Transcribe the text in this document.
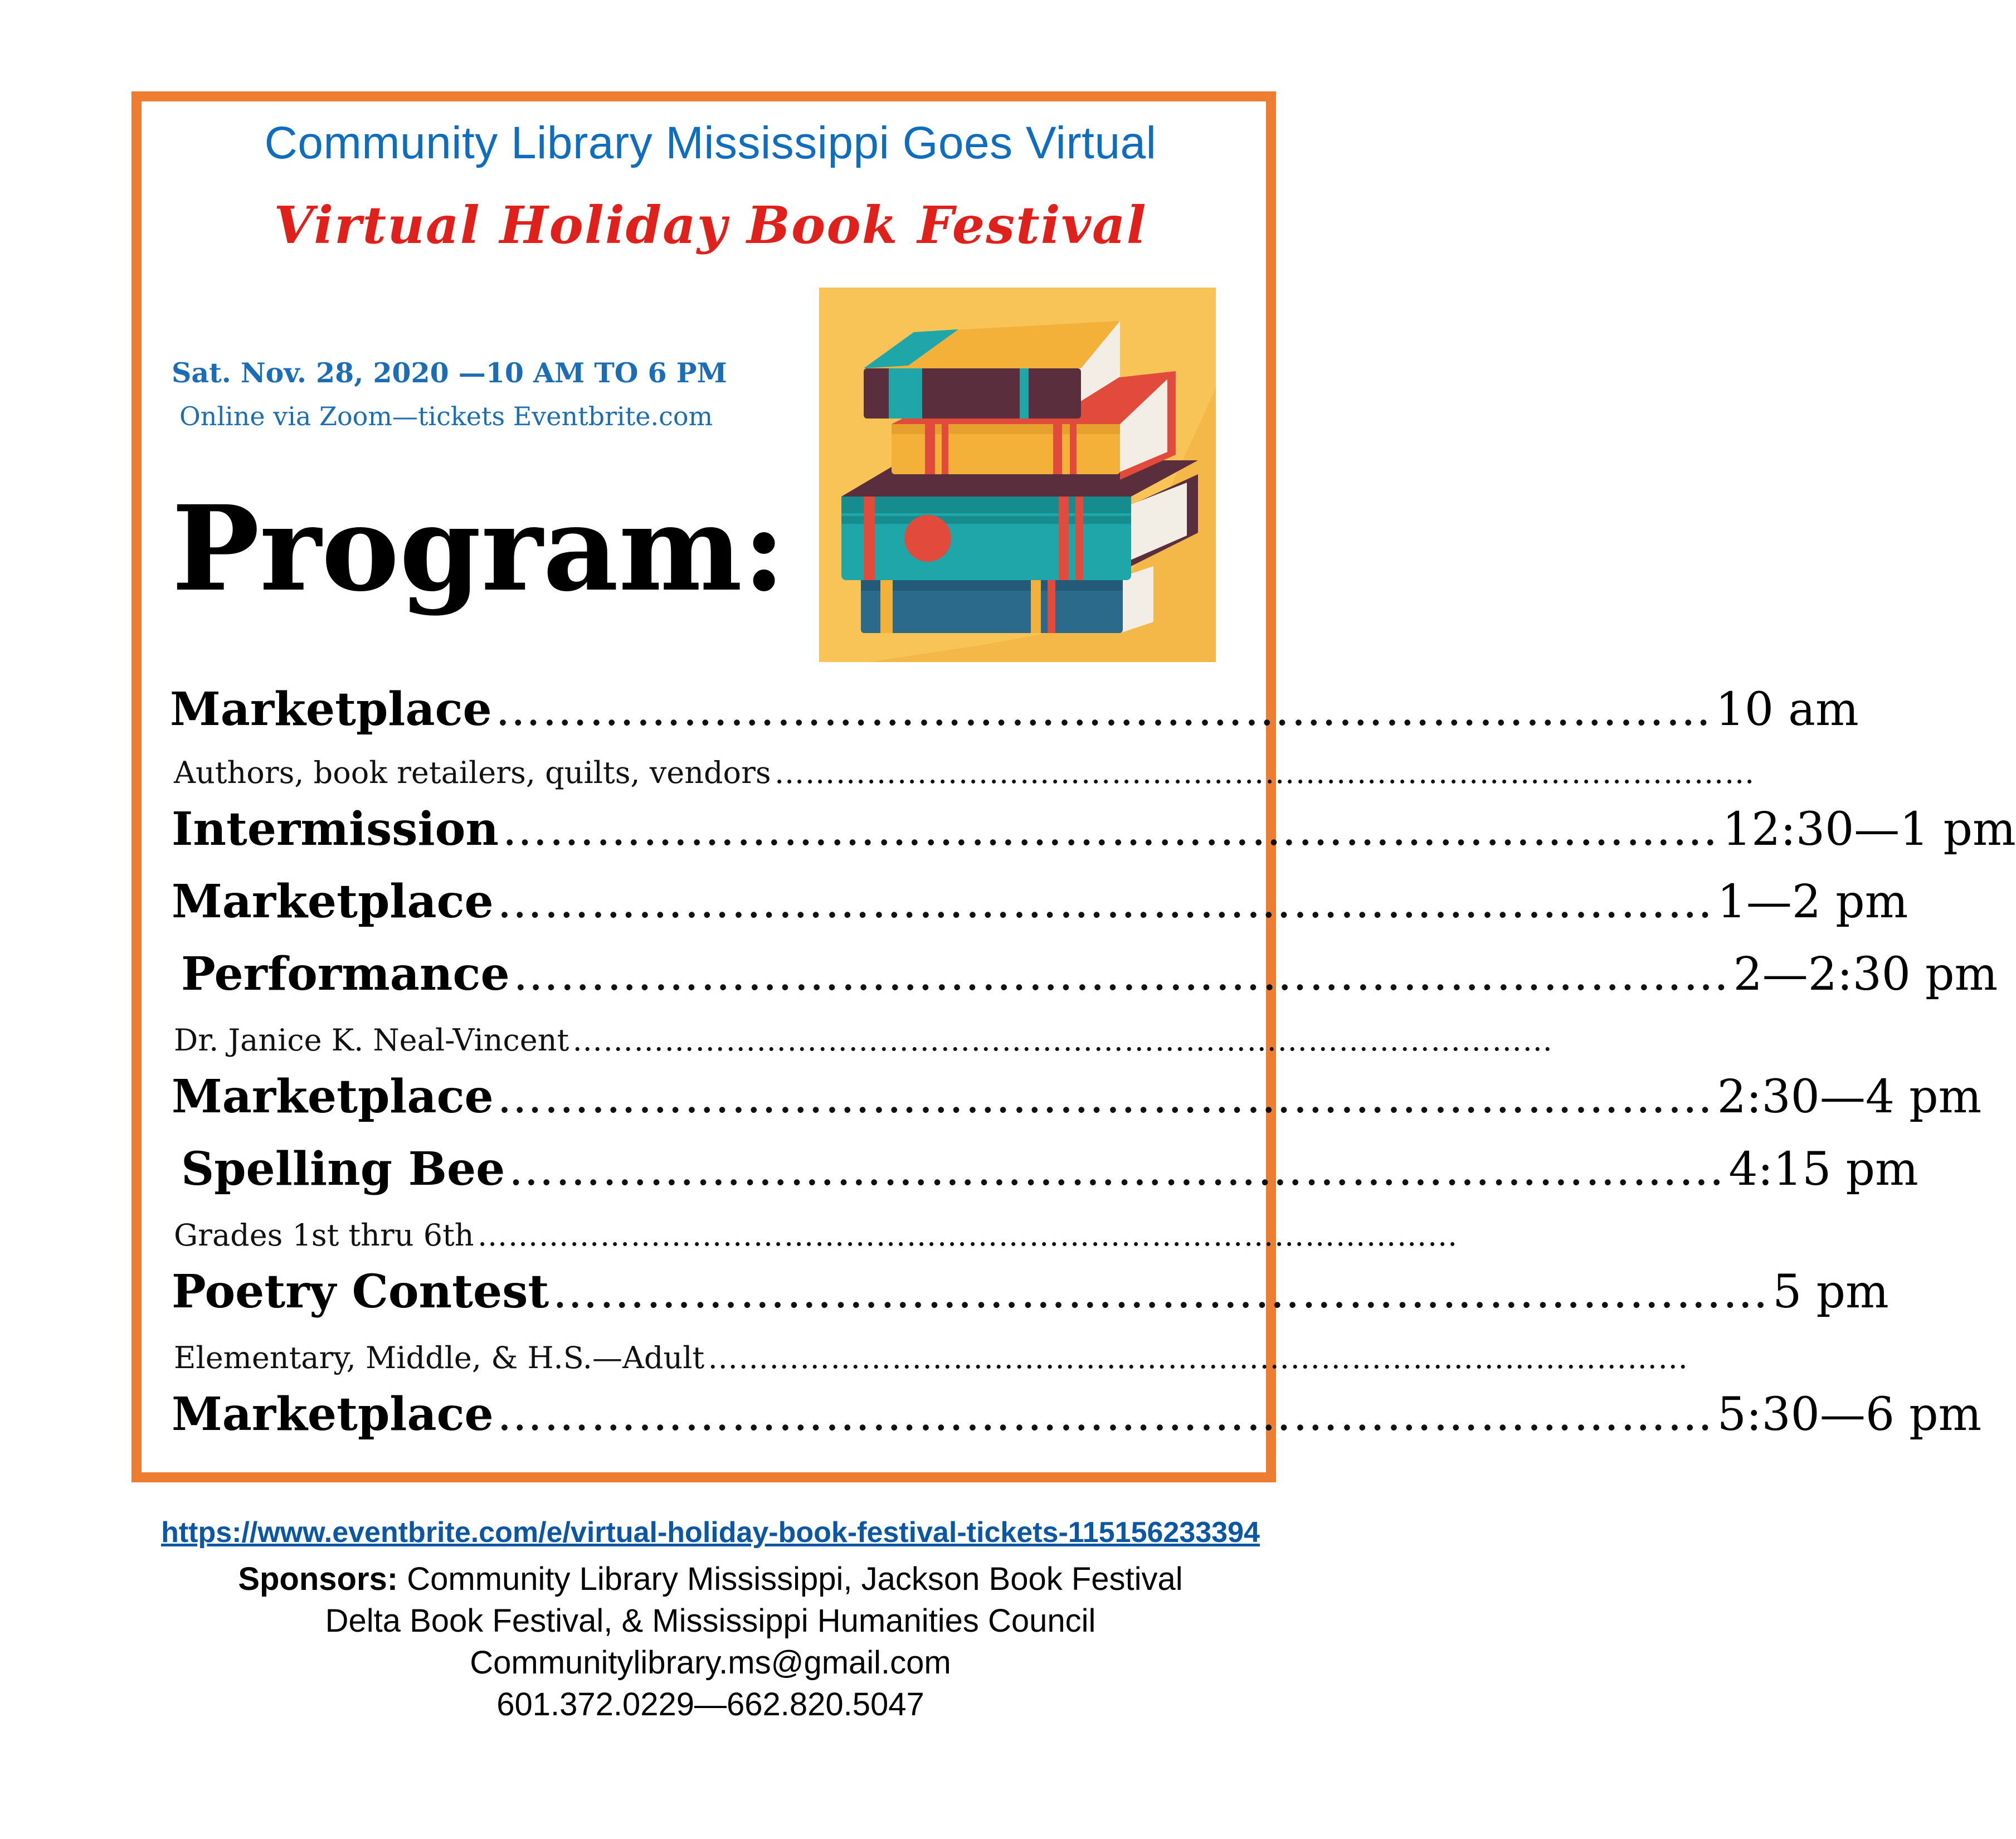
Community Library Mississippi Goes Virtual
Virtual Holiday Book Festival
Sat. Nov. 28, 2020 —10 AM TO 6 PM
Online via Zoom—tickets Eventbrite.com
Program:
Marketplace …………………………………………………………………… 10 am
Authors, book retailers, quilts, vendors ……………………………………………………………………………………
Intermission …………………………………………………………………… 12:30—1 pm
Marketplace …………………………………………………………………… 1—2 pm
Performance …………………………………………………………………… 2—2:30 pm
Dr. Janice K. Neal-Vincent ……………………………………………………………………………………
Marketplace …………………………………………………………………… 2:30—4 pm
Spelling Bee …………………………………………………………………… 4:15 pm
Grades 1st thru 6th ……………………………………………………………………………………
Poetry Contest …………………………………………………………………… 5 pm
Elementary, Middle, & H.S.—Adult ……………………………………………………………………………………
Marketplace …………………………………………………………………… 5:30—6 pm
https://www.eventbrite.com/e/virtual-holiday-book-festival-tickets-115156233394
Sponsors: Community Library Mississippi, Jackson Book Festival
Delta Book Festival, & Mississippi Humanities Council
Communitylibrary.ms@gmail.com
601.372.0229—662.820.5047
